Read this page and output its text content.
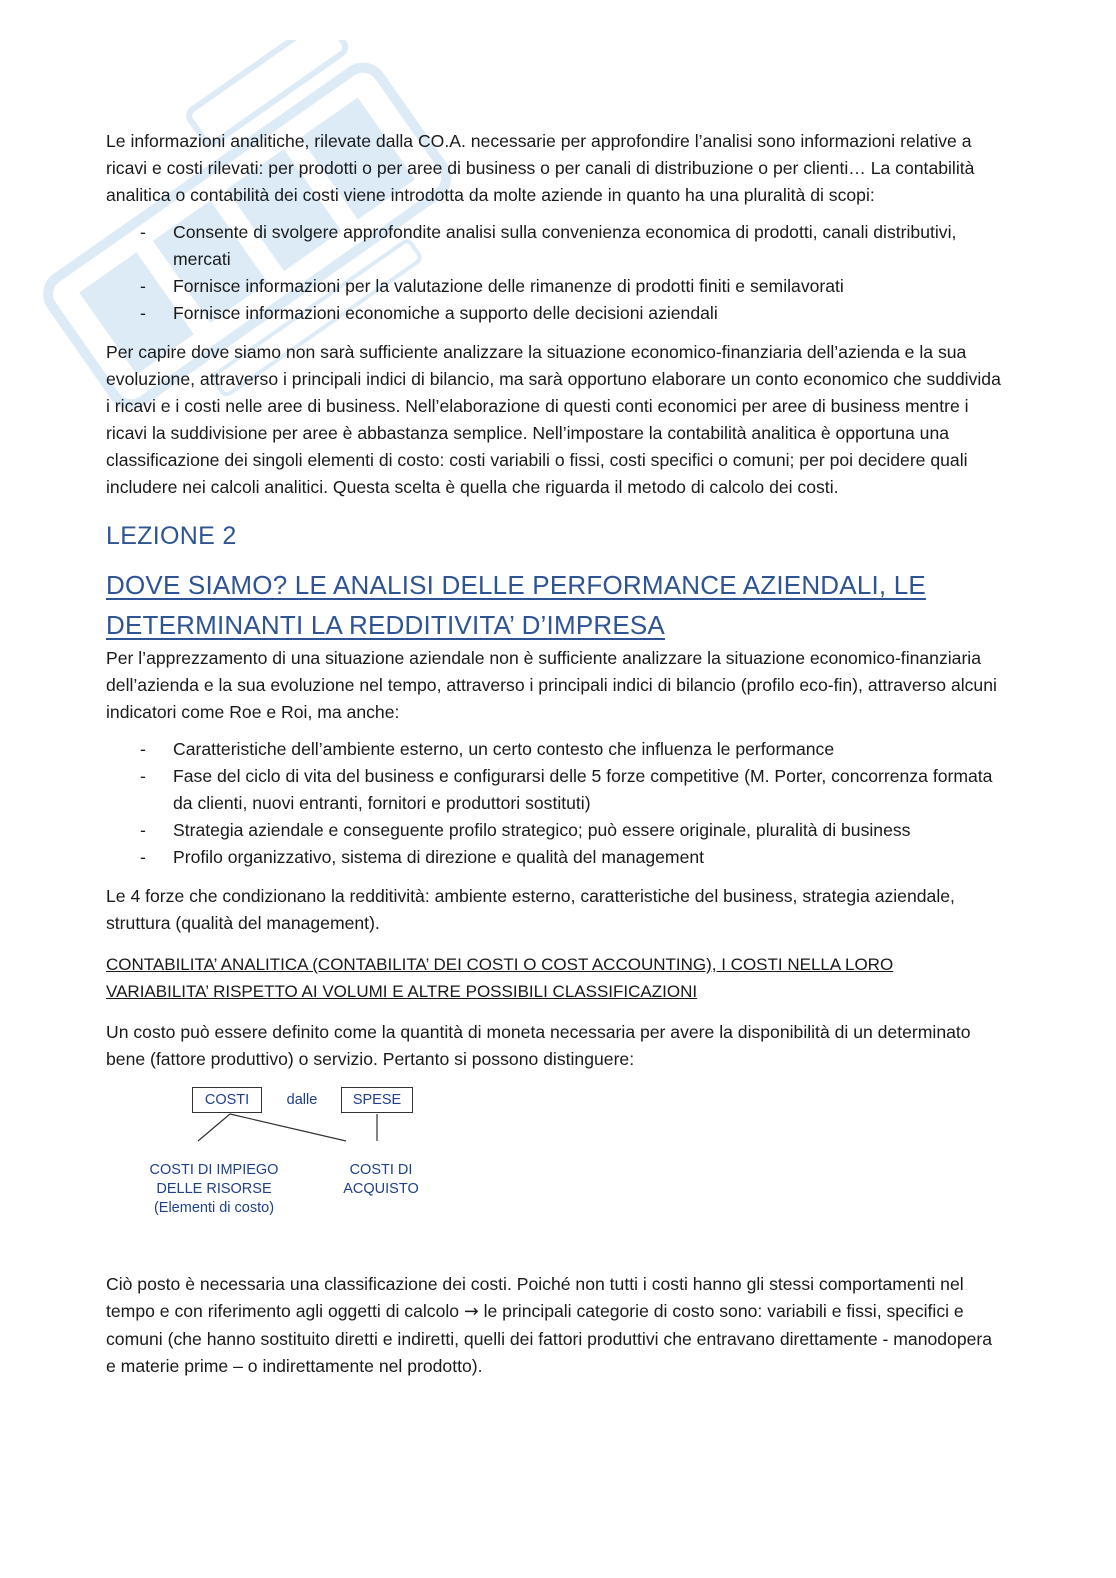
Le informazioni analitiche, rilevate dalla CO.A. necessarie per approfondire l’analisi sono informazioni relative a ricavi e costi rilevati: per prodotti o per aree di business o per canali di distribuzione o per clienti… La contabilità analitica o contabilità dei costi viene introdotta da molte aziende in quanto ha una pluralità di scopi:

- Consente di svolgere approfondite analisi sulla convenienza economica di prodotti, canali distributivi, mercati
- Fornisce informazioni per la valutazione delle rimanenze di prodotti finiti e semilavorati
- Fornisce informazioni economiche a supporto delle decisioni aziendali

Per capire dove siamo non sarà sufficiente analizzare la situazione economico-finanziaria dell’azienda e la sua evoluzione, attraverso i principali indici di bilancio, ma sarà opportuno elaborare un conto economico che suddivida i ricavi e i costi nelle aree di business. Nell’elaborazione di questi conti economici per aree di business mentre i ricavi la suddivisione per aree è abbastanza semplice. Nell’impostare la contabilità analitica è opportuna una classificazione dei singoli elementi di costo: costi variabili o fissi, costi specifici o comuni; per poi decidere quali includere nei calcoli analitici. Questa scelta è quella che riguarda il metodo di calcolo dei costi.

LEZIONE 2
DOVE SIAMO? LE ANALISI DELLE PERFORMANCE AZIENDALI, LE
DETERMINANTI LA REDDITIVITA’ D’IMPRESA

Per l’apprezzamento di una situazione aziendale non è sufficiente analizzare la situazione economico-finanziaria dell’azienda e la sua evoluzione nel tempo, attraverso i principali indici di bilancio (profilo eco-fin), attraverso alcuni indicatori come Roe e Roi, ma anche:

- Caratteristiche dell’ambiente esterno, un certo contesto che influenza le performance
- Fase del ciclo di vita del business e configurarsi delle 5 forze competitive (M. Porter, concorrenza formata da clienti, nuovi entranti, fornitori e produttori sostituti)
- Strategia aziendale e conseguente profilo strategico; può essere originale, pluralità di business
- Profilo organizzativo, sistema di direzione e qualità del management

Le 4 forze che condizionano la redditività: ambiente esterno, caratteristiche del business, strategia aziendale, struttura (qualità del management).

CONTABILITA’ ANALITICA (CONTABILITA’ DEI COSTI O COST ACCOUNTING), I COSTI NELLA LORO
VARIABILITA’ RISPETTO AI VOLUMI E ALTRE POSSIBILI CLASSIFICAZIONI

Un costo può essere definito come la quantità di moneta necessaria per avere la disponibilità di un determinato bene (fattore produttivo) o servizio. Pertanto si possono distinguere:

COSTI	dalle	SPESE
COSTI DI IMPIEGO
DELLE RISORSE
(Elementi di costo)
COSTI DI
ACQUISTO

Ciò posto è necessaria una classificazione dei costi. Poiché non tutti i costi hanno gli stessi comportamenti nel tempo e con riferimento agli oggetti di calcolo → le principali categorie di costo sono: variabili e fissi, specifici e comuni (che hanno sostituito diretti e indiretti, quelli dei fattori produttivi che entravano direttamente - manodopera e materie prime – o indirettamente nel prodotto).
